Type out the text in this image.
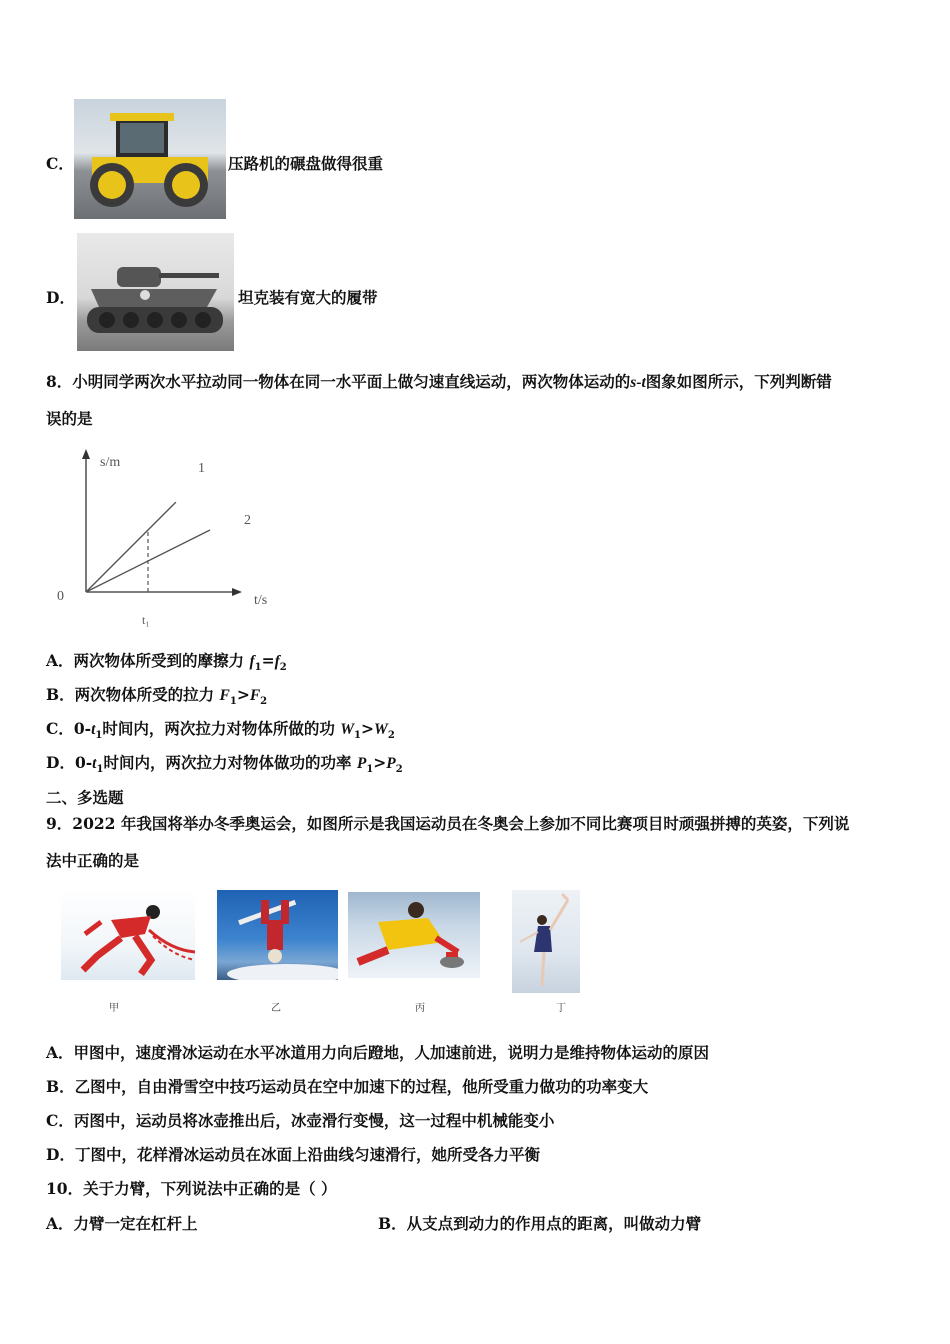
C．	压路机的碾盘做得很重
D．	坦克装有宽大的履带
8．小明同学两次水平拉动同一物体在同一水平面上做匀速直线运动，两次物体运动的s-t图象如图所示，下列判断错
误的是
s/m
t/s
0
1
2
t₁
A．两次物体所受到的摩擦力 $f_1=f_2$
B．两次物体所受的拉力 $F_1>F_2$
C．$0-t_1$时间内，两次拉力对物体所做的功 $W_1>W_2$
D．$0-t_1$时间内，两次拉力对物体做功的功率 $P_1>P_2$
二、多选题
9．2022 年我国将举办冬季奥运会，如图所示是我国运动员在冬奥会上参加不同比赛项目时顽强拼搏的英姿，下列说
法中正确的是
甲	乙	丙	丁
A．甲图中，速度滑冰运动在水平冰道用力向后蹬地，人加速前进，说明力是维持物体运动的原因
B．乙图中，自由滑雪空中技巧运动员在空中加速下的过程，他所受重力做功的功率变大
C．丙图中，运动员将冰壶推出后，冰壶滑行变慢，这一过程中机械能变小
D．丁图中，花样滑冰运动员在冰面上沿曲线匀速滑行，她所受各力平衡
10．关于力臂，下列说法中正确的是（ ）
A．力臂一定在杠杆上	B．从支点到动力的作用点的距离，叫做动力臂
